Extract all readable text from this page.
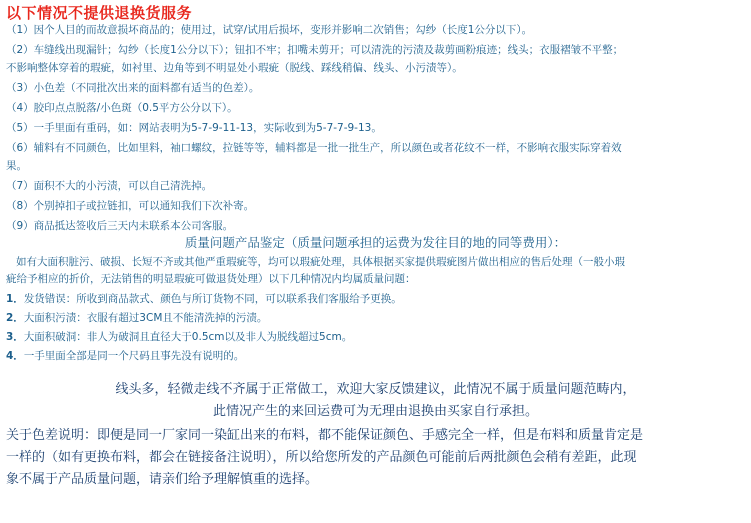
以下情况不提供退换货服务

（1）因个人目的而故意损坏商品的；使用过，试穿/试用后损坏，变形并影响二次销售；勾纱（长度1公分以下）。

（2）车缝线出现漏针；勾纱（长度1公分以下）；钮扣不牢；扣嘴未剪开；可以清洗的污渍及裁剪画粉痕迹；线头；衣服褶皱不平整；

不影响整体穿着的瑕疵，如衬里、边角等到不明显处小瑕疵（脱线、踩线稍偏、线头、小污渍等）。

（3）小色差（不同批次出来的面料都有适当的色差）。

（4）胶印点点脱落/小色斑（0.5平方公分以下）。

（5）一手里面有重码，如：网站表明为5-7-9-11-13，实际收到为5-7-7-9-13。

（6）辅料有不同颜色，比如里料，袖口螺纹，拉链等等，辅料都是一批一批生产，所以颜色或者花纹不一样，不影响衣服实际穿着效

果。

（7）面积不大的小污渍，可以自己清洗掉。

（8）个别掉扣子或拉链扣，可以通知我们下次补寄。

（9）商品抵达签收后三天内未联系本公司客服。

质量问题产品鉴定（质量问题承担的运费为发往目的地的同等费用）：

如有大面积脏污、破损、长短不齐或其他严重瑕疵等，均可以瑕疵处理，具体根据买家提供瑕疵图片做出相应的售后处理（一般小瑕

疵给予相应的折价，无法销售的明显瑕疵可做退货处理）以下几种情况内均属质量问题：

1．发货错误：所收到商品款式、颜色与所订货物不同，可以联系我们客服给予更换。

2．大面积污渍：衣服有超过3CM且不能清洗掉的污渍。

3．大面积破洞：非人为破洞且直径大于0.5cm以及非人为脱线超过5cm。

4．一手里面全部是同一个尺码且事先没有说明的。

线头多，轻微走线不齐属于正常做工，欢迎大家反馈建议，此情况不属于质量问题范畴内，
此情况产生的来回运费可为无理由退换由买家自行承担。
关于色差说明：即便是同一厂家同一染缸出来的布料，都不能保证颜色、手感完全一样，但是布料和质量肯定是
一样的（如有更换布料，都会在链接备注说明），所以给您所发的产品颜色可能前后两批颜色会稍有差距，此现
象不属于产品质量问题，请亲们给予理解慎重的选择。
